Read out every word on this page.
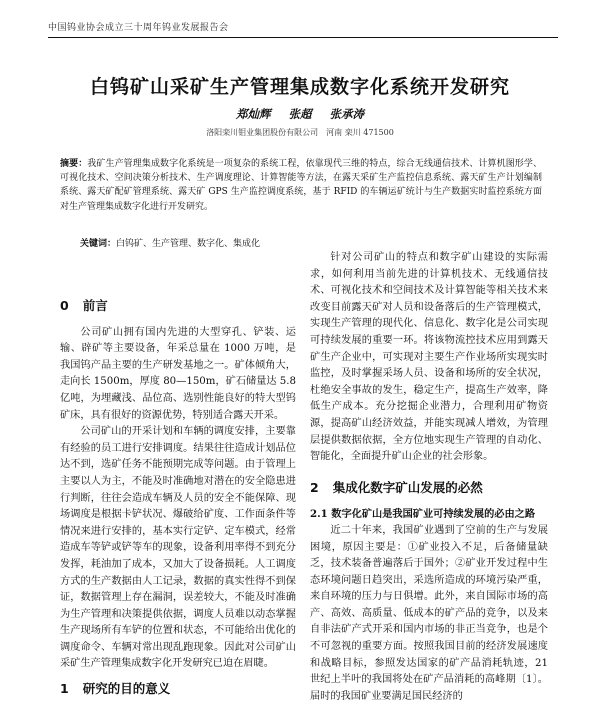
中国钨业协会成立三十周年钨业发展报告会
白钨矿山采矿生产管理集成数字化系统开发研究
郑灿辉 张超 张承涛
洛阳栾川钼业集团股份有限公司　河南 栾川 471500
摘要：我矿生产管理集成数字化系统是一项复杂的系统工程，依靠现代三维的特点，综合无线通信技术、计算机图形学、可视化技术、空间决策分析技术、生产调度理论、计算智能等方法，在露天采矿生产监控信息系统、露天矿生产计划编制系统、露天矿配矿管理系统、露天矿 GPS 生产监控调度系统，基于 RFID 的车辆运矿统计与生产数据实时监控系统方面对生产管理集成数字化进行开发研究。
关键词：白钨矿、生产管理、数字化、集成化

0 前言

公司矿山拥有国内先进的大型穿孔、铲装、运输、辟矿等主要设备，年采总量在 1000 万吨，是我国钨产品主要的生产研发基地之一。矿体倾角大，走向长 1500m，厚度 80—150m，矿石储量达 5.8 亿吨，为埋藏浅、品位高、选别性能良好的特大型钨矿床，具有很好的资源优势，特别适合露天开采。

公司矿山的开采计划和车辆的调度安排，主要靠有经验的员工进行安排调度。结果往往造成计划品位达不到，选矿任务不能预期完成等问题。由于管理上主要以人为主，不能及时准确地对潜在的安全隐患进行判断，往往会造成车辆及人员的安全不能保障、现场调度是根据卡铲状况、爆破给矿度、工作面条件等情况来进行安排的，基本实行定铲、定车模式，经常造成车等铲或铲等车的现象，设备利用率得不到充分发挥，耗油加了成本，又加大了设备损耗。人工调度方式的生产数据由人工记录，数据的真实性得不到保证，数据管理上存在漏洞，误差较大，不能及时准确为生产管理和决策提供依据，调度人员难以动态掌握生产现场所有车铲的位置和状态，不可能给出优化的调度命令、车辆对常出现乱跑现象。因此对公司矿山采矿生产管理集成数字化开发研究已迫在眉睫。

1 研究的目的意义

针对公司矿山的特点和数字矿山建设的实际需求，如何利用当前先进的计算机技术、无线通信技术、可视化技术和空间技术及计算智能等相关技术来改变目前露天矿对人员和设备落后的生产管理模式，实现生产管理的现代化、信息化、数字化是公司实现可持续发展的重要一环。将该物流控技术应用到露天矿生产企业中，可实现对主要生产作业场所实现实时监控，及时掌握采场人员、设备和场所的安全状况，杜绝安全事故的发生，稳定生产，提高生产效率，降低生产成本。充分挖掘企业潜力，合理利用矿物资源，提高矿山经济效益，并能实现减人增效，为管理层提供数据依据，全方位地实现生产管理的自动化、智能化，全面提升矿山企业的社会形象。

2 集成化数字矿山发展的必然

2.1 数字化矿山是我国矿业可持续发展的必由之路

近二十年来，我国矿业遇到了空前的生产与发展困境，原因主要是：①矿业投入不足，后备储量缺乏，技术装备普遍落后于国外；②矿业开发过程中生态环境问题日趋突出，采选所造成的环境污染严重，来自环境的压力与日俱增。此外，来自国际市场的高产、高效、高质量、低成本的矿产品的竞争，以及来自非法矿产式开采和国内市场的非正当竞争，也是个不可忽视的重要方面。按照我国目前的经济发展速度和战略目标，参照发达国家的矿产品消耗轨迹，21 世纪上半叶的我国将处在矿产品消耗的高峰期〔1〕。届时的我国矿业要满足国民经济的
